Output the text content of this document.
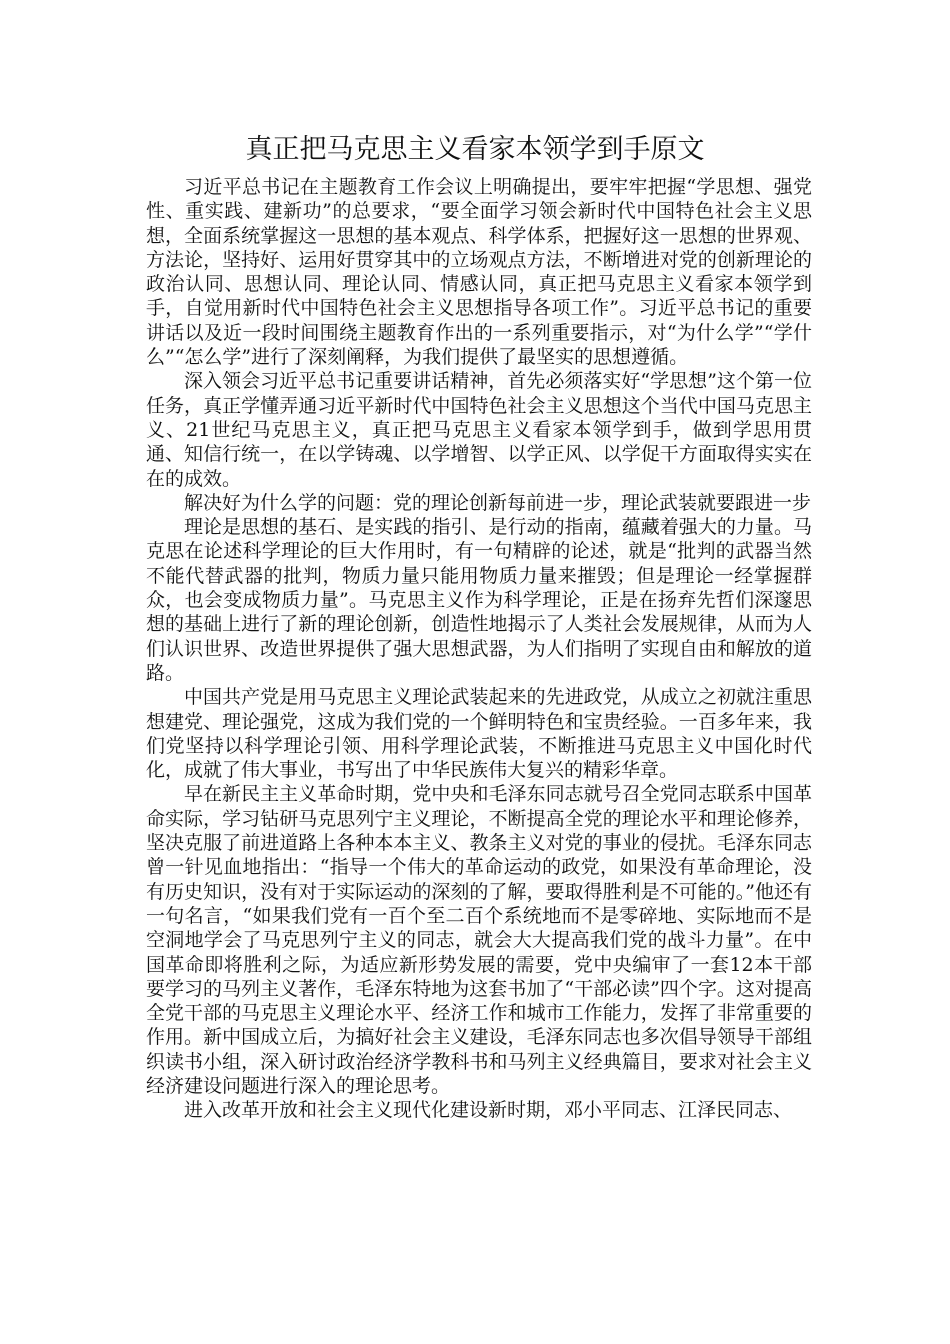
真正把马克思主义看家本领学到手原文

习近平总书记在主题教育工作会议上明确提出，要牢牢把握“学思想、强党性、重实践、建新功”的总要求，“要全面学习领会新时代中国特色社会主义思想，全面系统掌握这一思想的基本观点、科学体系，把握好这一思想的世界观、方法论，坚持好、运用好贯穿其中的立场观点方法，不断增进对党的创新理论的政治认同、思想认同、理论认同、情感认同，真正把马克思主义看家本领学到手，自觉用新时代中国特色社会主义思想指导各项工作”。习近平总书记的重要讲话以及近一段时间围绕主题教育作出的一系列重要指示，对“为什么学”“学什么”“怎么学”进行了深刻阐释，为我们提供了最坚实的思想遵循。

深入领会习近平总书记重要讲话精神，首先必须落实好“学思想”这个第一位任务，真正学懂弄通习近平新时代中国特色社会主义思想这个当代中国马克思主义、21世纪马克思主义，真正把马克思主义看家本领学到手，做到学思用贯通、知信行统一，在以学铸魂、以学增智、以学正风、以学促干方面取得实实在在的成效。

解决好为什么学的问题：党的理论创新每前进一步，理论武装就要跟进一步

理论是思想的基石、是实践的指引、是行动的指南，蕴藏着强大的力量。马克思在论述科学理论的巨大作用时，有一句精辟的论述，就是“批判的武器当然不能代替武器的批判，物质力量只能用物质力量来摧毁；但是理论一经掌握群众，也会变成物质力量”。马克思主义作为科学理论，正是在扬弃先哲们深邃思想的基础上进行了新的理论创新，创造性地揭示了人类社会发展规律，从而为人们认识世界、改造世界提供了强大思想武器，为人们指明了实现自由和解放的道路。

中国共产党是用马克思主义理论武装起来的先进政党，从成立之初就注重思想建党、理论强党，这成为我们党的一个鲜明特色和宝贵经验。一百多年来，我们党坚持以科学理论引领、用科学理论武装，不断推进马克思主义中国化时代化，成就了伟大事业，书写出了中华民族伟大复兴的精彩华章。

早在新民主主义革命时期，党中央和毛泽东同志就号召全党同志联系中国革命实际，学习钻研马克思列宁主义理论，不断提高全党的理论水平和理论修养，坚决克服了前进道路上各种本本主义、教条主义对党的事业的侵扰。毛泽东同志曾一针见血地指出：“指导一个伟大的革命运动的政党，如果没有革命理论，没有历史知识，没有对于实际运动的深刻的了解，要取得胜利是不可能的。”他还有一句名言，“如果我们党有一百个至二百个系统地而不是零碎地、实际地而不是空洞地学会了马克思列宁主义的同志，就会大大提高我们党的战斗力量”。在中国革命即将胜利之际，为适应新形势发展的需要，党中央编审了一套12本干部要学习的马列主义著作，毛泽东特地为这套书加了“干部必读”四个字。这对提高全党干部的马克思主义理论水平、经济工作和城市工作能力，发挥了非常重要的作用。新中国成立后，为搞好社会主义建设，毛泽东同志也多次倡导领导干部组织读书小组，深入研讨政治经济学教科书和马列主义经典篇目，要求对社会主义经济建设问题进行深入的理论思考。

进入改革开放和社会主义现代化建设新时期，邓小平同志、江泽民同志、
